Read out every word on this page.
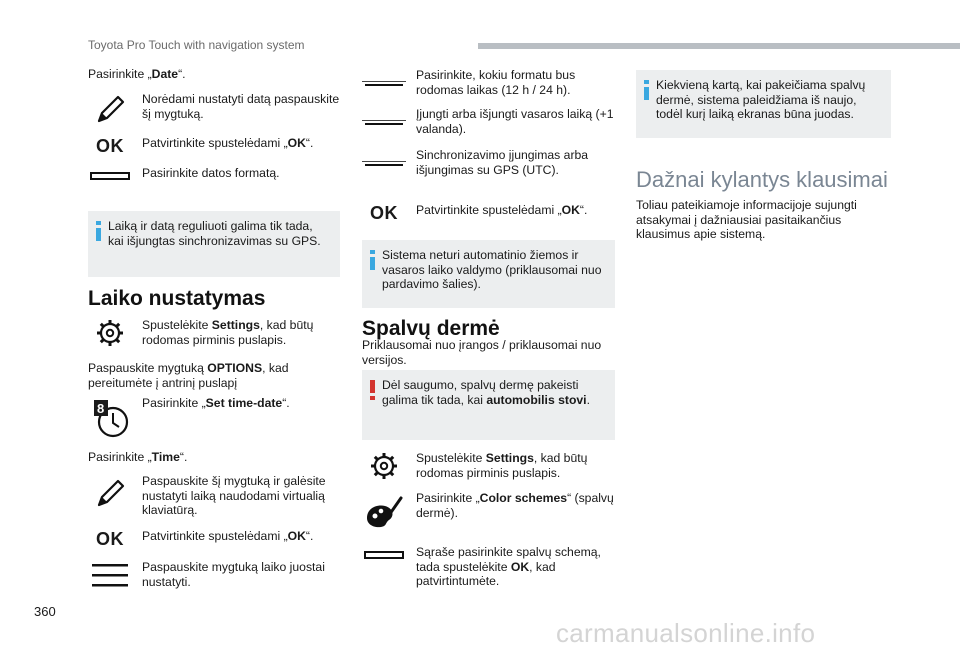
Toyota Pro Touch with navigation system
Pasirinkite „Date“.
Norėdami nustatyti datą paspauskite šį mygtuką.
OK Patvirtinkite spustelėdami „OK“.
Pasirinkite datos formatą.
Laiką ir datą reguliuoti galima tik tada, kai išjungtas sinchronizavimas su GPS.
Laiko nustatymas
Spustelėkite Settings, kad būtų rodomas pirminis puslapis.
Paspauskite mygtuką OPTIONS, kad pereitumėte į antrinį puslapį
8	Pasirinkite „Set time-date“.
Pasirinkite „Time“.
Paspauskite šį mygtuką ir galėsite nustatyti laiką naudodami virtualią klaviatūrą.
OK Patvirtinkite spustelėdami „OK“.
Paspauskite mygtuką laiko juostai nustatyti.
Pasirinkite, kokiu formatu bus rodomas laikas (12 h / 24 h).
Įjungti arba išjungti vasaros laiką (+1 valanda).
Sinchronizavimo įjungimas arba išjungimas su GPS (UTC).
OK Patvirtinkite spustelėdami „OK“.
Sistema neturi automatinio žiemos ir vasaros laiko valdymo (priklausomai nuo pardavimo šalies).
Spalvų dermė
Priklausomai nuo įrangos / priklausomai nuo versijos.
Dėl saugumo, spalvų dermę pakeisti galima tik tada, kai automobilis stovi.
Spustelėkite Settings, kad būtų rodomas pirminis puslapis.
Pasirinkite „Color schemes“ (spalvų dermė).
Sąraše pasirinkite spalvų schemą, tada spustelėkite OK, kad patvirtintumėte.
Kiekvieną kartą, kai pakeičiama spalvų dermė, sistema paleidžiama iš naujo, todėl kurį laiką ekranas būna juodas.
Dažnai kylantys klausimai
Toliau pateikiamoje informacijoje sujungti atsakymai į dažniausiai pasitaikančius klausimus apie sistemą.
360
carmanualsonline.info
